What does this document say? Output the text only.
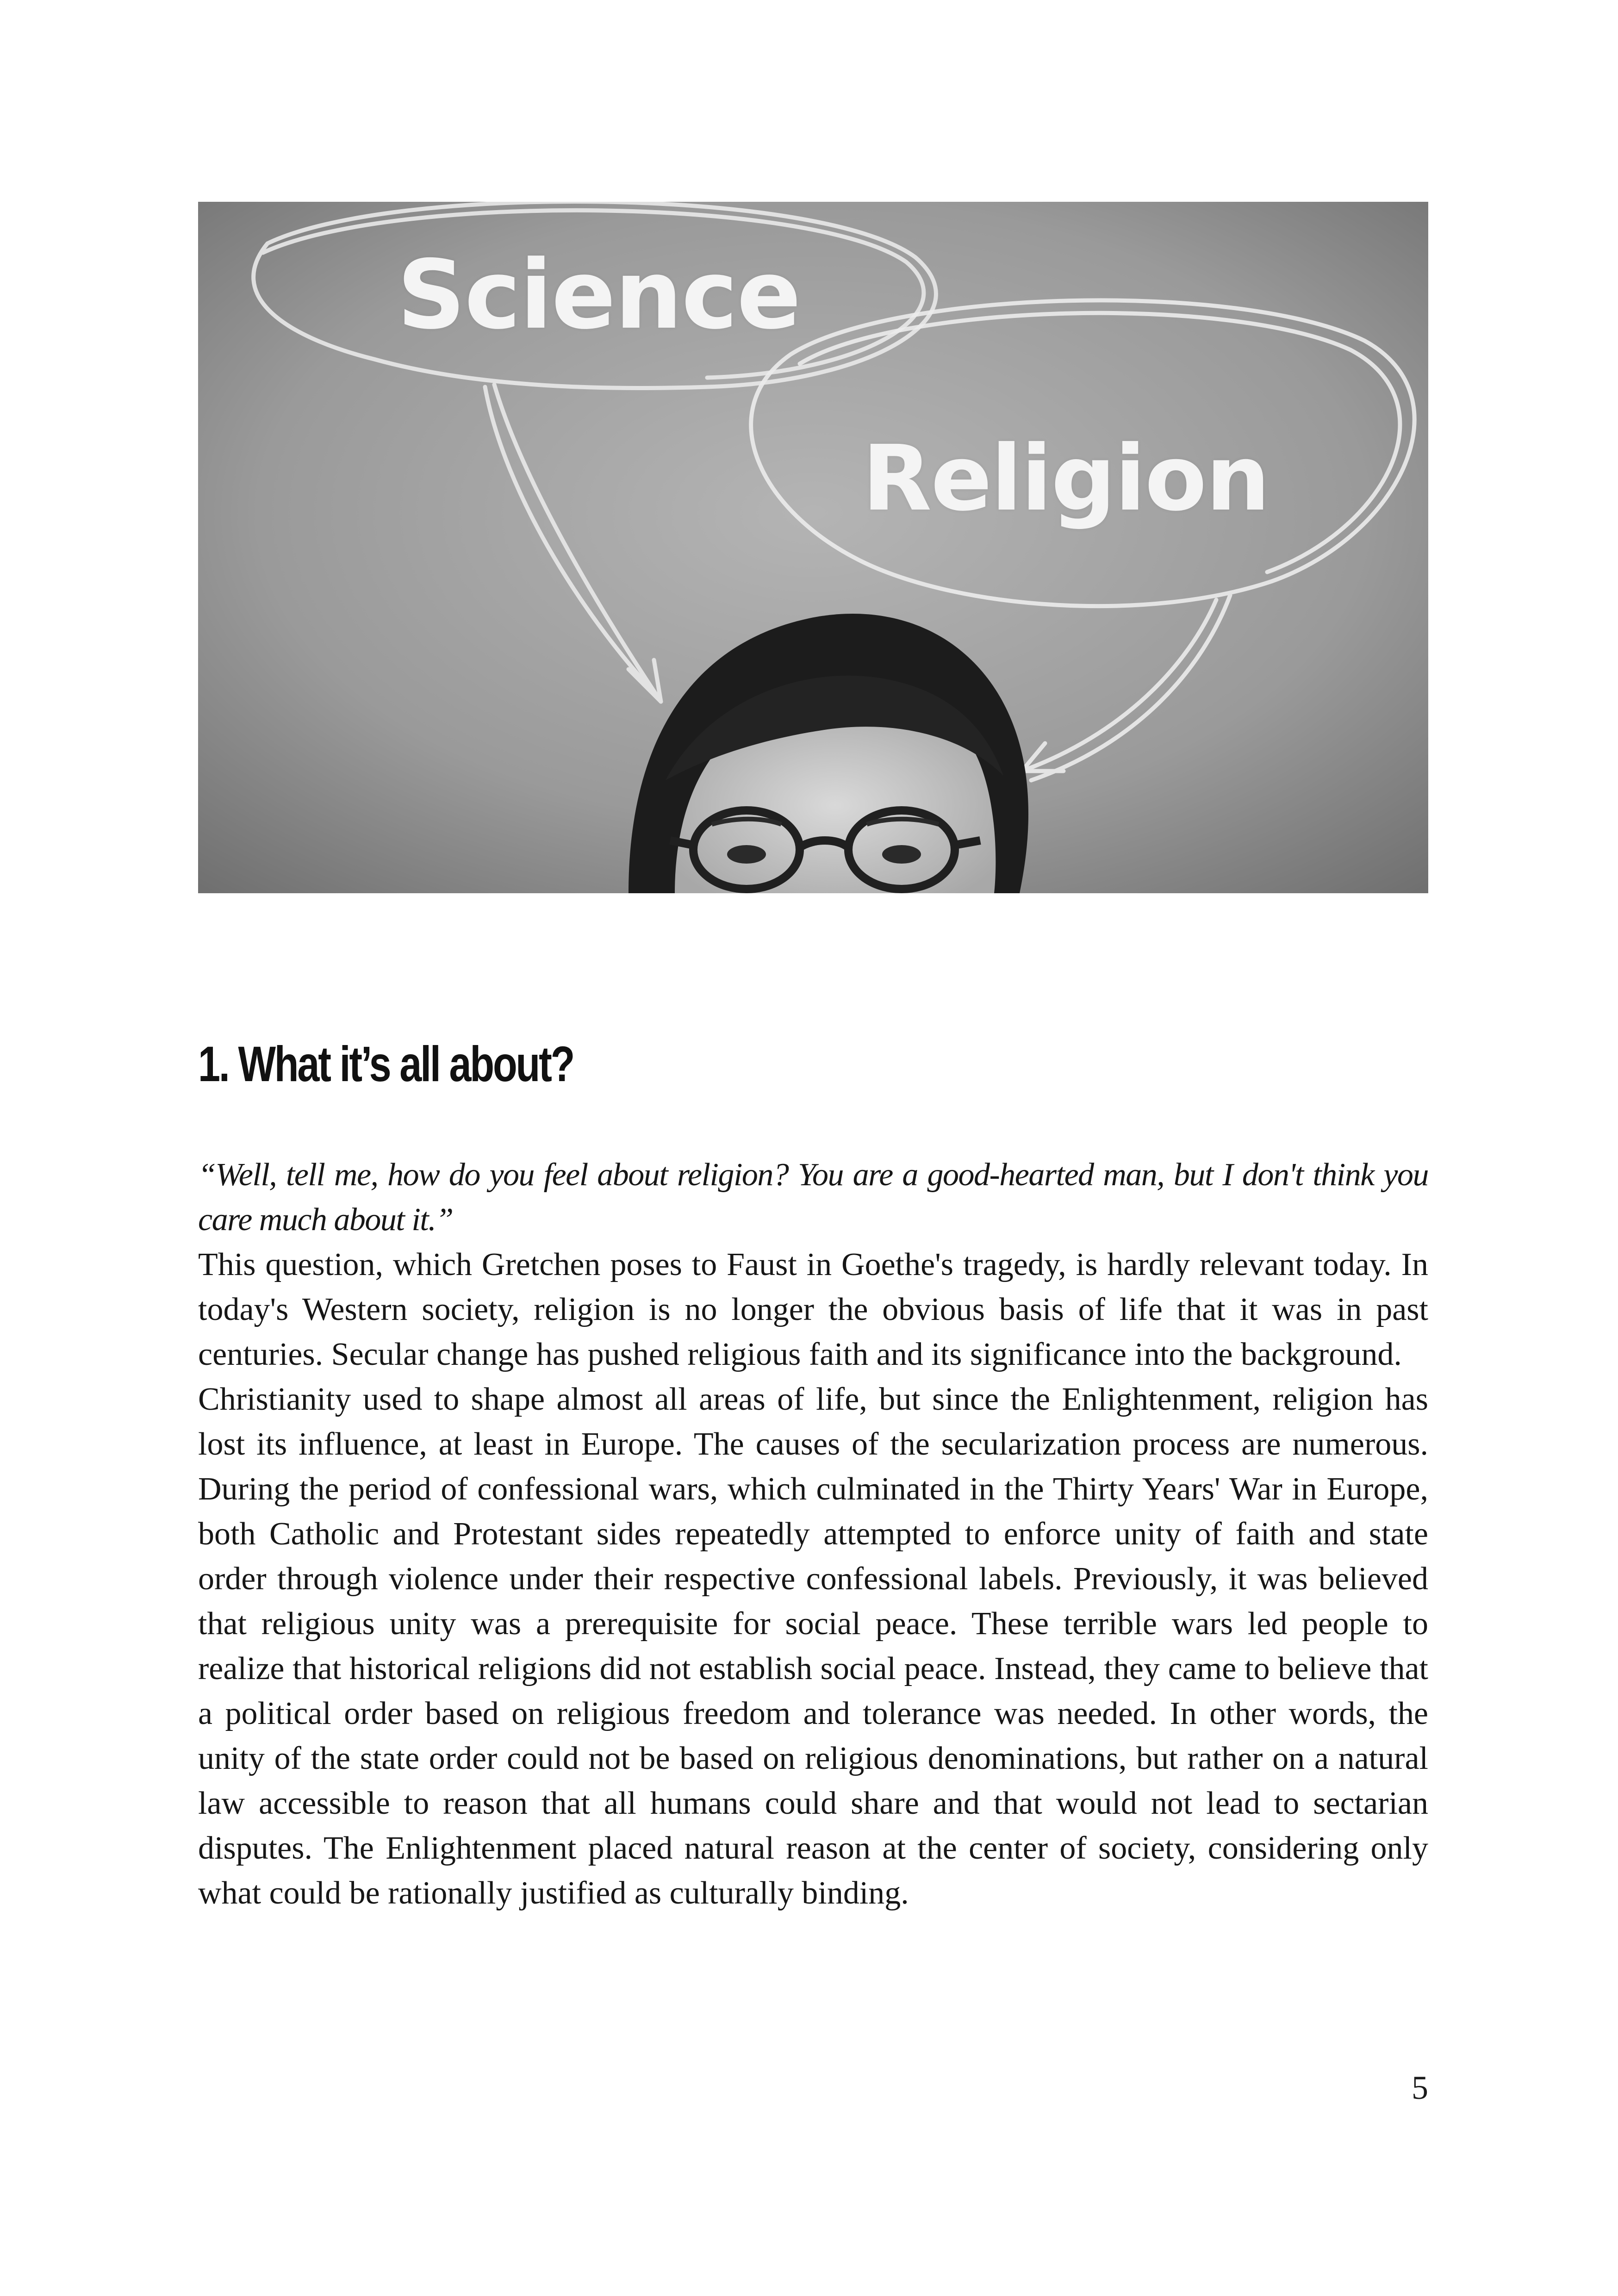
Science
Religion
1. What it’s all about?

“Well, tell me, how do you feel about religion? You are a good-hearted man, but I don't think you care much about it.”

This question, which Gretchen poses to Faust in Goethe's tragedy, is hardly relevant today. In today's Western society, religion is no longer the obvious basis of life that it was in past centuries. Secular change has pushed religious faith and its significance into the background.

Christianity used to shape almost all areas of life, but since the Enlightenment, religion has lost its influence, at least in Europe. The causes of the secularization process are numerous. During the period of confessional wars, which culminated in the Thirty Years' War in Europe, both Catholic and Protestant sides repeatedly attempted to enforce unity of faith and state order through violence under their respective confessional labels. Previously, it was believed that religious unity was a prerequisite for social peace. These terrible wars led people to realize that historical religions did not establish social peace. Instead, they came to believe that a political order based on religious freedom and tolerance was needed. In other words, the unity of the state order could not be based on religious denominations, but rather on a natural law accessible to reason that all humans could share and that would not lead to sectarian disputes. The Enlightenment placed natural reason at the center of society, considering only what could be rationally justified as culturally binding.

5
